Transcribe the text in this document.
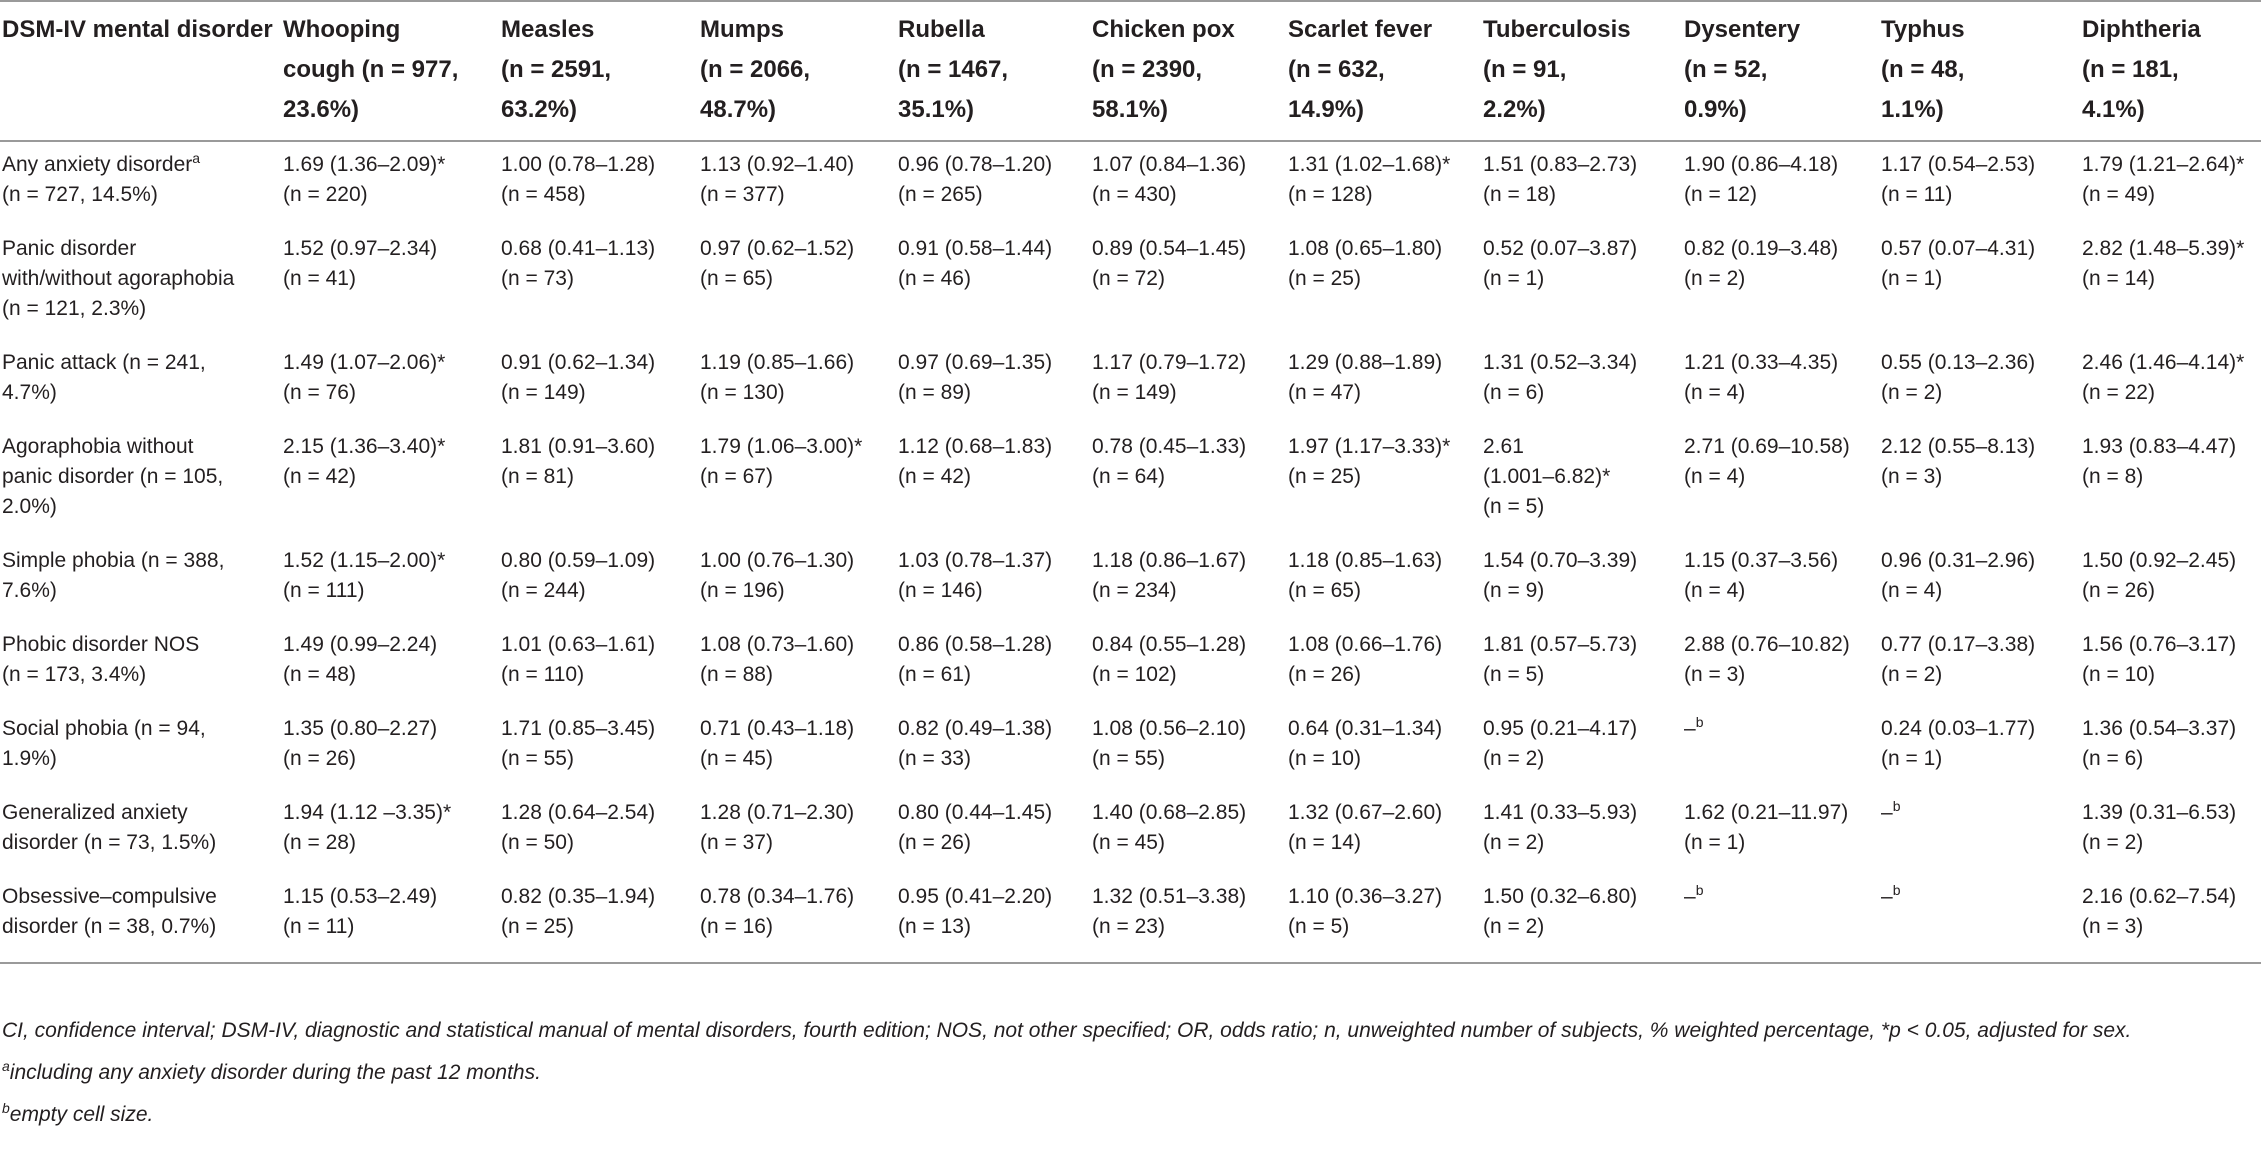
DSM-IV mental disorder	Whooping
cough (n = 977,
23.6%)	Measles
(n = 2591,
63.2%)	Mumps
(n = 2066,
48.7%)	Rubella
(n = 1467,
35.1%)	Chicken pox
(n = 2390,
58.1%)	Scarlet fever
(n = 632,
14.9%)	Tuberculosis
(n = 91,
2.2%)	Dysentery
(n = 52,
0.9%)	Typhus
(n = 48,
1.1%)	Diphtheria
(n = 181,
4.1%)

Any anxiety disorder$^a$
(n = 727, 14.5%)	1.69 (1.36–2.09)*
(n = 220)	1.00 (0.78–1.28)
(n = 458)	1.13 (0.92–1.40)
(n = 377)	0.96 (0.78–1.20)
(n = 265)	1.07 (0.84–1.36)
(n = 430)	1.31 (1.02–1.68)*
(n = 128)	1.51 (0.83–2.73)
(n = 18)	1.90 (0.86–4.18)
(n = 12)	1.17 (0.54–2.53)
(n = 11)	1.79 (1.21–2.64)*
(n = 49)

Panic disorder
with/without agoraphobia
(n = 121, 2.3%)	1.52 (0.97–2.34)
(n = 41)	0.68 (0.41–1.13)
(n = 73)	0.97 (0.62–1.52)
(n = 65)	0.91 (0.58–1.44)
(n = 46)	0.89 (0.54–1.45)
(n = 72)	1.08 (0.65–1.80)
(n = 25)	0.52 (0.07–3.87)
(n = 1)	0.82 (0.19–3.48)
(n = 2)	0.57 (0.07–4.31)
(n = 1)	2.82 (1.48–5.39)*
(n = 14)

Panic attack (n = 241,
4.7%)	1.49 (1.07–2.06)*
(n = 76)	0.91 (0.62–1.34)
(n = 149)	1.19 (0.85–1.66)
(n = 130)	0.97 (0.69–1.35)
(n = 89)	1.17 (0.79–1.72)
(n = 149)	1.29 (0.88–1.89)
(n = 47)	1.31 (0.52–3.34)
(n = 6)	1.21 (0.33–4.35)
(n = 4)	0.55 (0.13–2.36)
(n = 2)	2.46 (1.46–4.14)*
(n = 22)

Agoraphobia without
panic disorder (n = 105,
2.0%)	2.15 (1.36–3.40)*
(n = 42)	1.81 (0.91–3.60)
(n = 81)	1.79 (1.06–3.00)*
(n = 67)	1.12 (0.68–1.83)
(n = 42)	0.78 (0.45–1.33)
(n = 64)	1.97 (1.17–3.33)*
(n = 25)	2.61
(1.001–6.82)*
(n = 5)	2.71 (0.69–10.58)
(n = 4)	2.12 (0.55–8.13)
(n = 3)	1.93 (0.83–4.47)
(n = 8)

Simple phobia (n = 388,
7.6%)	1.52 (1.15–2.00)*
(n = 111)	0.80 (0.59–1.09)
(n = 244)	1.00 (0.76–1.30)
(n = 196)	1.03 (0.78–1.37)
(n = 146)	1.18 (0.86–1.67)
(n = 234)	1.18 (0.85–1.63)
(n = 65)	1.54 (0.70–3.39)
(n = 9)	1.15 (0.37–3.56)
(n = 4)	0.96 (0.31–2.96)
(n = 4)	1.50 (0.92–2.45)
(n = 26)

Phobic disorder NOS
(n = 173, 3.4%)	1.49 (0.99–2.24)
(n = 48)	1.01 (0.63–1.61)
(n = 110)	1.08 (0.73–1.60)
(n = 88)	0.86 (0.58–1.28)
(n = 61)	0.84 (0.55–1.28)
(n = 102)	1.08 (0.66–1.76)
(n = 26)	1.81 (0.57–5.73)
(n = 5)	2.88 (0.76–10.82)
(n = 3)	0.77 (0.17–3.38)
(n = 2)	1.56 (0.76–3.17)
(n = 10)

Social phobia (n = 94,
1.9%)	1.35 (0.80–2.27)
(n = 26)	1.71 (0.85–3.45)
(n = 55)	0.71 (0.43–1.18)
(n = 45)	0.82 (0.49–1.38)
(n = 33)	1.08 (0.56–2.10)
(n = 55)	0.64 (0.31–1.34)
(n = 10)	0.95 (0.21–4.17)
(n = 2)	–$^b$	0.24 (0.03–1.77)
(n = 1)	1.36 (0.54–3.37)
(n = 6)

Generalized anxiety
disorder (n = 73, 1.5%)	1.94 (1.12 –3.35)*
(n = 28)	1.28 (0.64–2.54)
(n = 50)	1.28 (0.71–2.30)
(n = 37)	0.80 (0.44–1.45)
(n = 26)	1.40 (0.68–2.85)
(n = 45)	1.32 (0.67–2.60)
(n = 14)	1.41 (0.33–5.93)
(n = 2)	1.62 (0.21–11.97)
(n = 1)	–$^b$	1.39 (0.31–6.53)
(n = 2)

Obsessive–compulsive
disorder (n = 38, 0.7%)	1.15 (0.53–2.49)
(n = 11)	0.82 (0.35–1.94)
(n = 25)	0.78 (0.34–1.76)
(n = 16)	0.95 (0.41–2.20)
(n = 13)	1.32 (0.51–3.38)
(n = 23)	1.10 (0.36–3.27)
(n = 5)	1.50 (0.32–6.80)
(n = 2)	–$^b$	–$^b$	2.16 (0.62–7.54)
(n = 3)

CI, confidence interval; DSM-IV, diagnostic and statistical manual of mental disorders, fourth edition; NOS, not other specified; OR, odds ratio; n, unweighted number of subjects, % weighted percentage, *p < 0.05, adjusted for sex.

$^a$including any anxiety disorder during the past 12 months.

$^b$empty cell size.
